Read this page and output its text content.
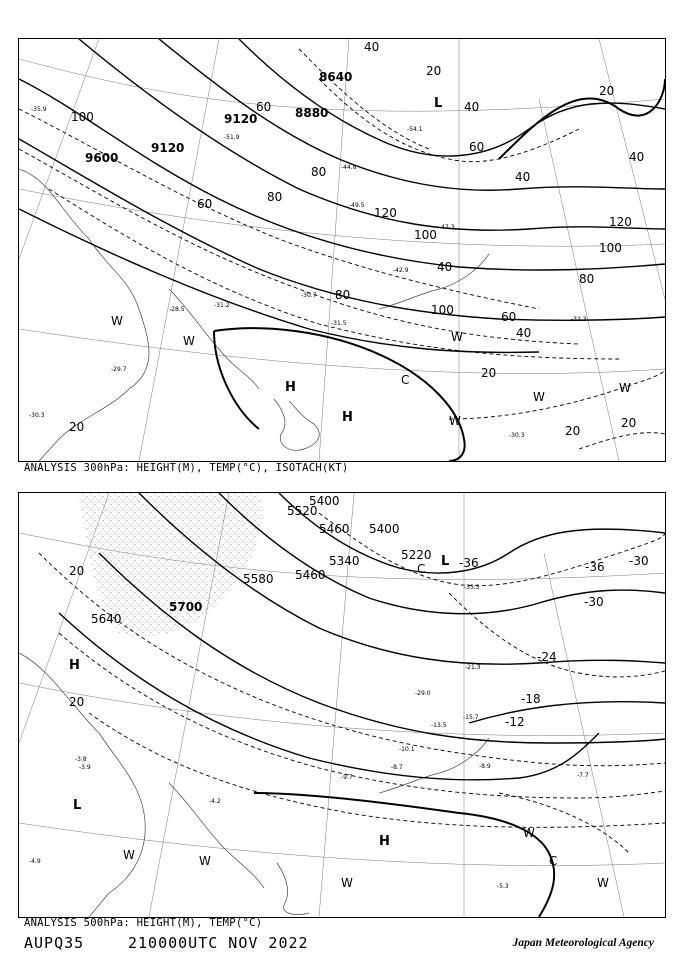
9600
9120	8880
8640
9120
100
60
80
80
120
100
80
40
60
40
20
20
20
20
40
40
40
60
20
60
40
100
80
120
100
20
H
H
L
C
W
W	W
W
W
W
-35.9
-30.3
-29.7
-31.5
-30.7
-42.9
-47.3
-54.1
-51.9
-49.5
-32.3
-30.3
-28.5
-31.2
-44.8
ANALYSIS 300hPa: HEIGHT(M), TEMP(°C), ISOTACH(KT)
5700
5640
5580
5520
5460
5340	5220
5400
5460
5400
-30
-30
-36
-36
-24
-18
-12
20
20
H
H
L
L
C
C
W	W
W
W
W
-3.9
-7.7
-8.9
-15.7
-21.3
-29.0
-33.3
-13.5
-10.1
-5.3
-4.2
-3.8
-4.9
-8.7
-9.7
ANALYSIS 500hPa: HEIGHT(M), TEMP(°C)
AUPQ35	210000UTC NOV 2022	Japan Meteorological Agency
